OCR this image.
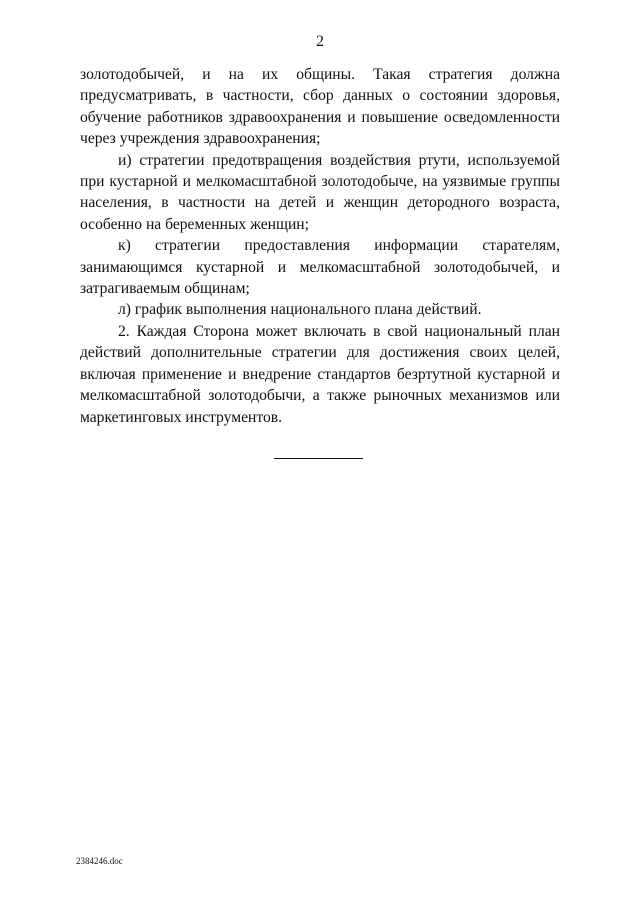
2

золотодобычей, и на их общины. Такая стратегия должна предусматривать, в частности, сбор данных о состоянии здоровья, обучение работников здравоохранения и повышение осведомленности через учреждения здравоохранения;

и) стратегии предотвращения воздействия ртути, используемой при кустарной и мелкомасштабной золотодобыче, на уязвимые группы населения, в частности на детей и женщин детородного возраста, особенно на беременных женщин;

к) стратегии предоставления информации старателям, занимающимся кустарной и мелкомасштабной золотодобычей, и затрагиваемым общинам;

л) график выполнения национального плана действий.

2. Каждая Сторона может включать в свой национальный план действий дополнительные стратегии для достижения своих целей, включая применение и внедрение стандартов безртутной кустарной и мелкомасштабной золотодобычи, а также рыночных механизмов или маркетинговых инструментов.

2384246.doc
